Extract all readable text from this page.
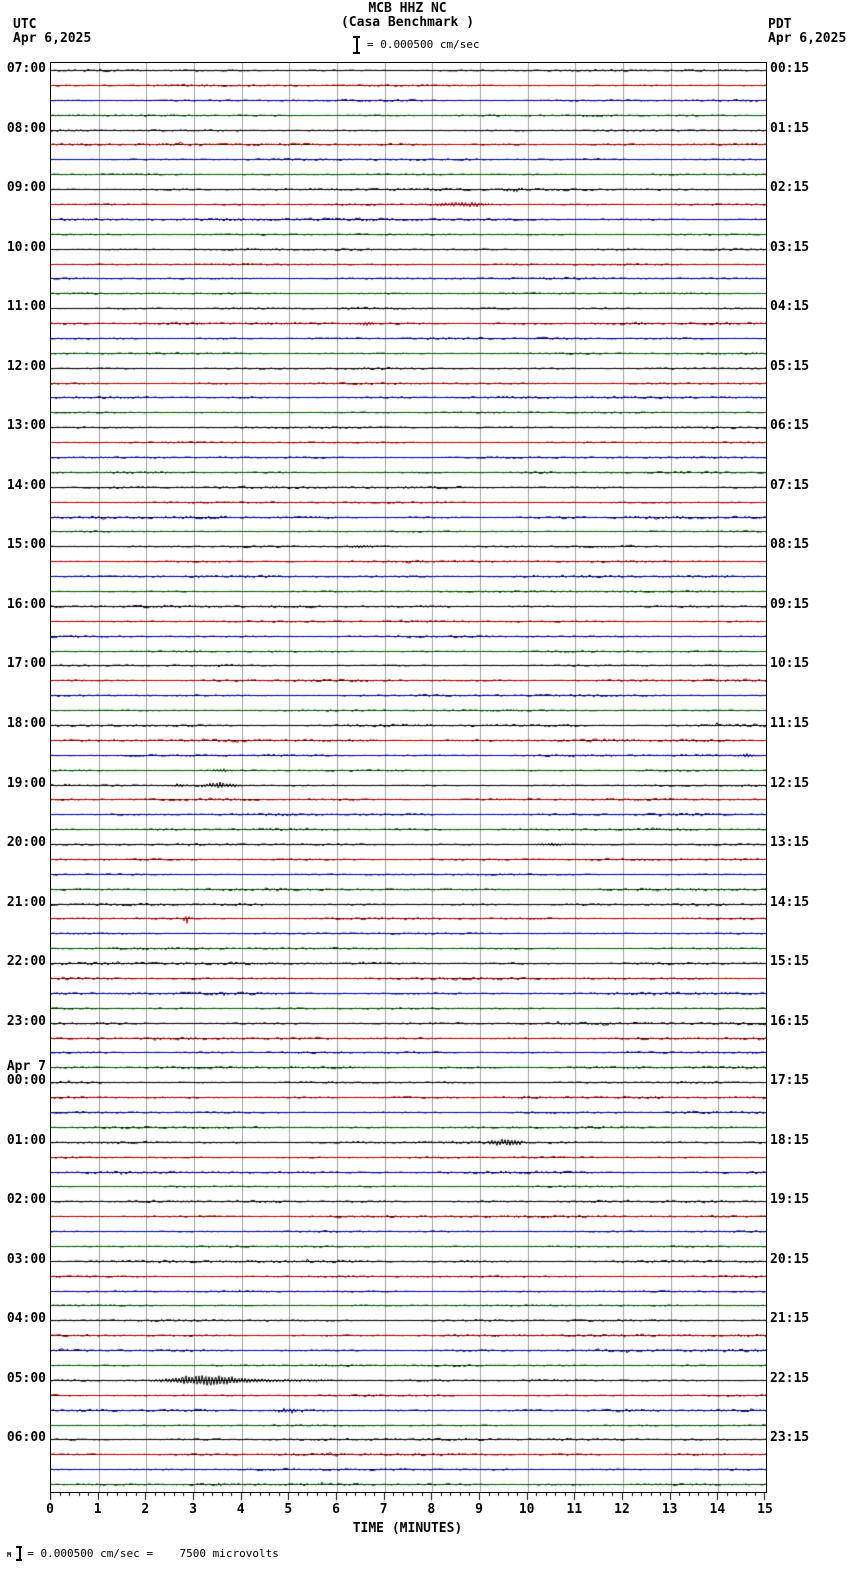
MCB HHZ NC
(Casa Benchmark )
UTC
Apr 6,2025
PDT
Apr 6,2025
= 0.000500 cm/sec
07:00
08:00
09:00
10:00
11:00
12:00
13:00
14:00
15:00
16:00
17:00
18:00
19:00
20:00
21:00
22:00
23:00
Apr 7
00:00
01:00
02:00
03:00
04:00
05:00
06:00
00:15
01:15
02:15
03:15
04:15
05:15
06:15
07:15
08:15
09:15
10:15
11:15
12:15
13:15
14:15
15:15
16:15
17:15
18:15
19:15
20:15
21:15
22:15
23:15
0	1	2	3	4	5	6	7	8	9	10 11 12 13 14 15
TIME (MINUTES)
M = 0.000500 cm/sec =    7500 microvolts
